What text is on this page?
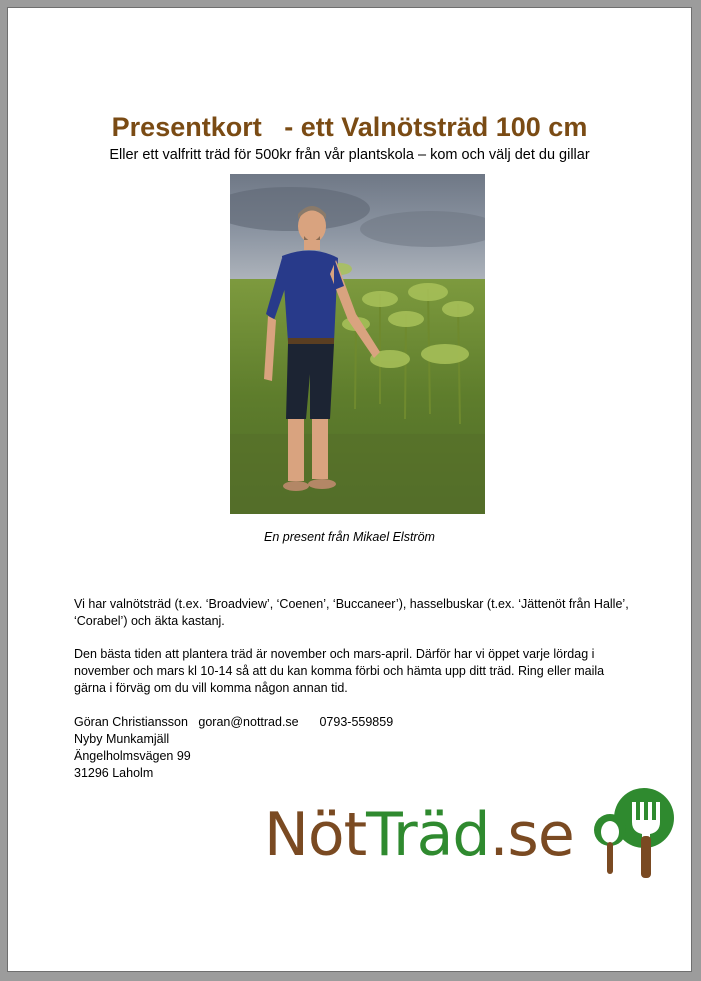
Presentkort   - ett Valnötsträd 100 cm

Eller ett valfritt träd för 500kr från vår plantskola – kom och välj det du gillar

En present från Mikael Elström

Vi har valnötsträd (t.ex. ‘Broadview’, ‘Coenen’, ‘Buccaneer’), hasselbuskar (t.ex. ‘Jättenöt från Halle’, ‘Corabel’) och äkta kastanj.

Den bästa tiden att plantera träd är november och mars-april. Därför har vi öppet varje lördag i november och mars kl 10-14 så att du kan komma förbi och hämta upp ditt träd. Ring eller maila gärna i förväg om du vill komma någon annan tid.

Göran Christiansson goran@nottrad.se 0793-559859
Nyby Munkamjäll
Ängelholmsvägen 99
31296 Laholm
NötTräd.se
